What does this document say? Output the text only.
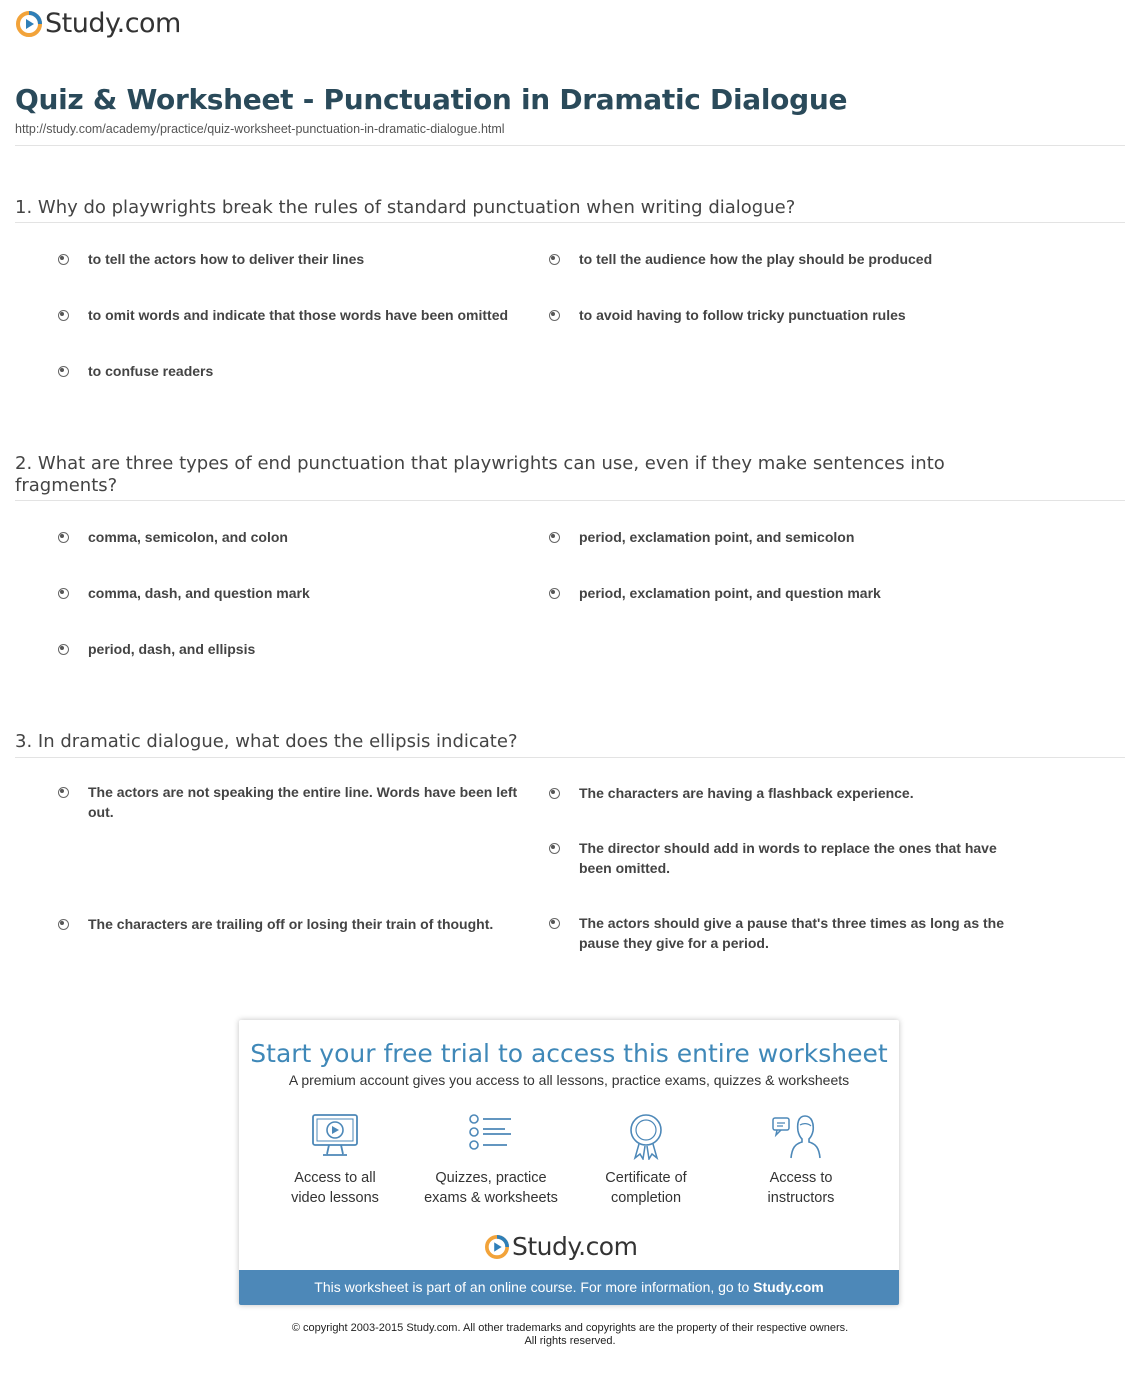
Study.com
Quiz & Worksheet - Punctuation in Dramatic Dialogue
http://study.com/academy/practice/quiz-worksheet-punctuation-in-dramatic-dialogue.html
1. Why do playwrights break the rules of standard punctuation when writing dialogue?
to tell the actors how to deliver their lines	to tell the audience how the play should be produced
to omit words and indicate that those words have been omitted	to avoid having to follow tricky punctuation rules
to confuse readers
2. What are three types of end punctuation that playwrights can use, even if they make sentences into fragments?
comma, semicolon, and colon	period, exclamation point, and semicolon
comma, dash, and question mark	period, exclamation point, and question mark
period, dash, and ellipsis
3. In dramatic dialogue, what does the ellipsis indicate?
The actors are not speaking the entire line. Words have been left out.
The characters are having a flashback experience.
The director should add in words to replace the ones that have been omitted.
The characters are trailing off or losing their train of thought.	The actors should give a pause that's three times as long as the pause they give for a period.
Start your free trial to access this entire worksheet
A premium account gives you access to all lessons, practice exams, quizzes & worksheets
Access to all
video lessons
Quizzes, practice
exams & worksheets
Certificate of
completion
Access to
instructors
Study.com
This worksheet is part of an online course. For more information, go to Study.com
© copyright 2003-2015 Study.com. All other trademarks and copyrights are the property of their respective owners.
All rights reserved.
